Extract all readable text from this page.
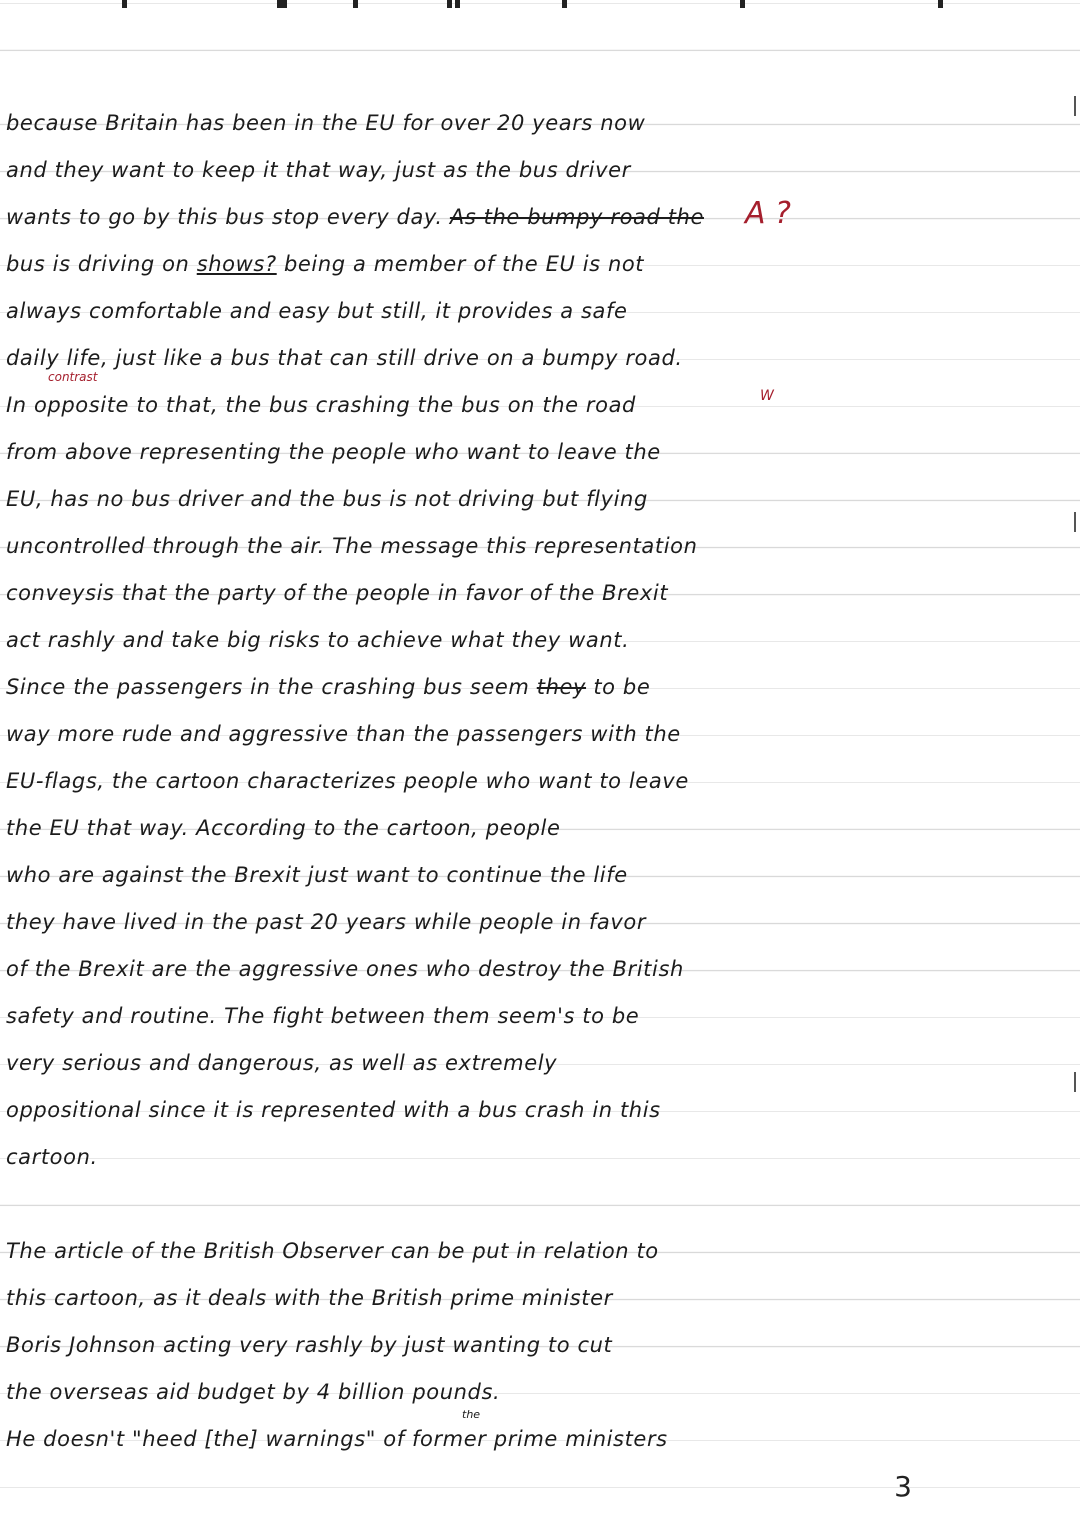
because Britain has been in the EU for over 20 years now
and they want to keep it that way, just as the bus driver
wants to go by this bus stop every day. As the bumpy road the
bus is driving on shows? being a member of the EU is not
always comfortable and easy but still, it provides a safe
daily life, just like a bus that can still drive on a bumpy road.
In opposite to that, the bus crashing the bus on the road
from above representing the people who want to leave the
EU, has no bus driver and the bus is not driving but flying
uncontrolled through the air. The message this representation
conveysis that the party of the people in favor of the Brexit
act rashly and take big risks to achieve what they want.
Since the passengers in the crashing bus seem they to be
way more rude and aggressive than the passengers with the
EU-flags, the cartoon characterizes people who want to leave
the EU that way. According to the cartoon, people
who are against the Brexit just want to continue the life
they have lived in the past 20 years while people in favor
of the Brexit are the aggressive ones who destroy the British
safety and routine. The fight between them seem's to be
very serious and dangerous, as well as extremely
oppositional since it is represented with a bus crash in this
cartoon.
The article of the British Observer can be put in relation to
this cartoon, as it deals with the British prime minister
Boris Johnson acting very rashly by just wanting to cut
the overseas aid budget by 4 billion pounds.
He doesn't "heed [the] warnings" of former prime ministers
A ?
W
contrast
the
3
